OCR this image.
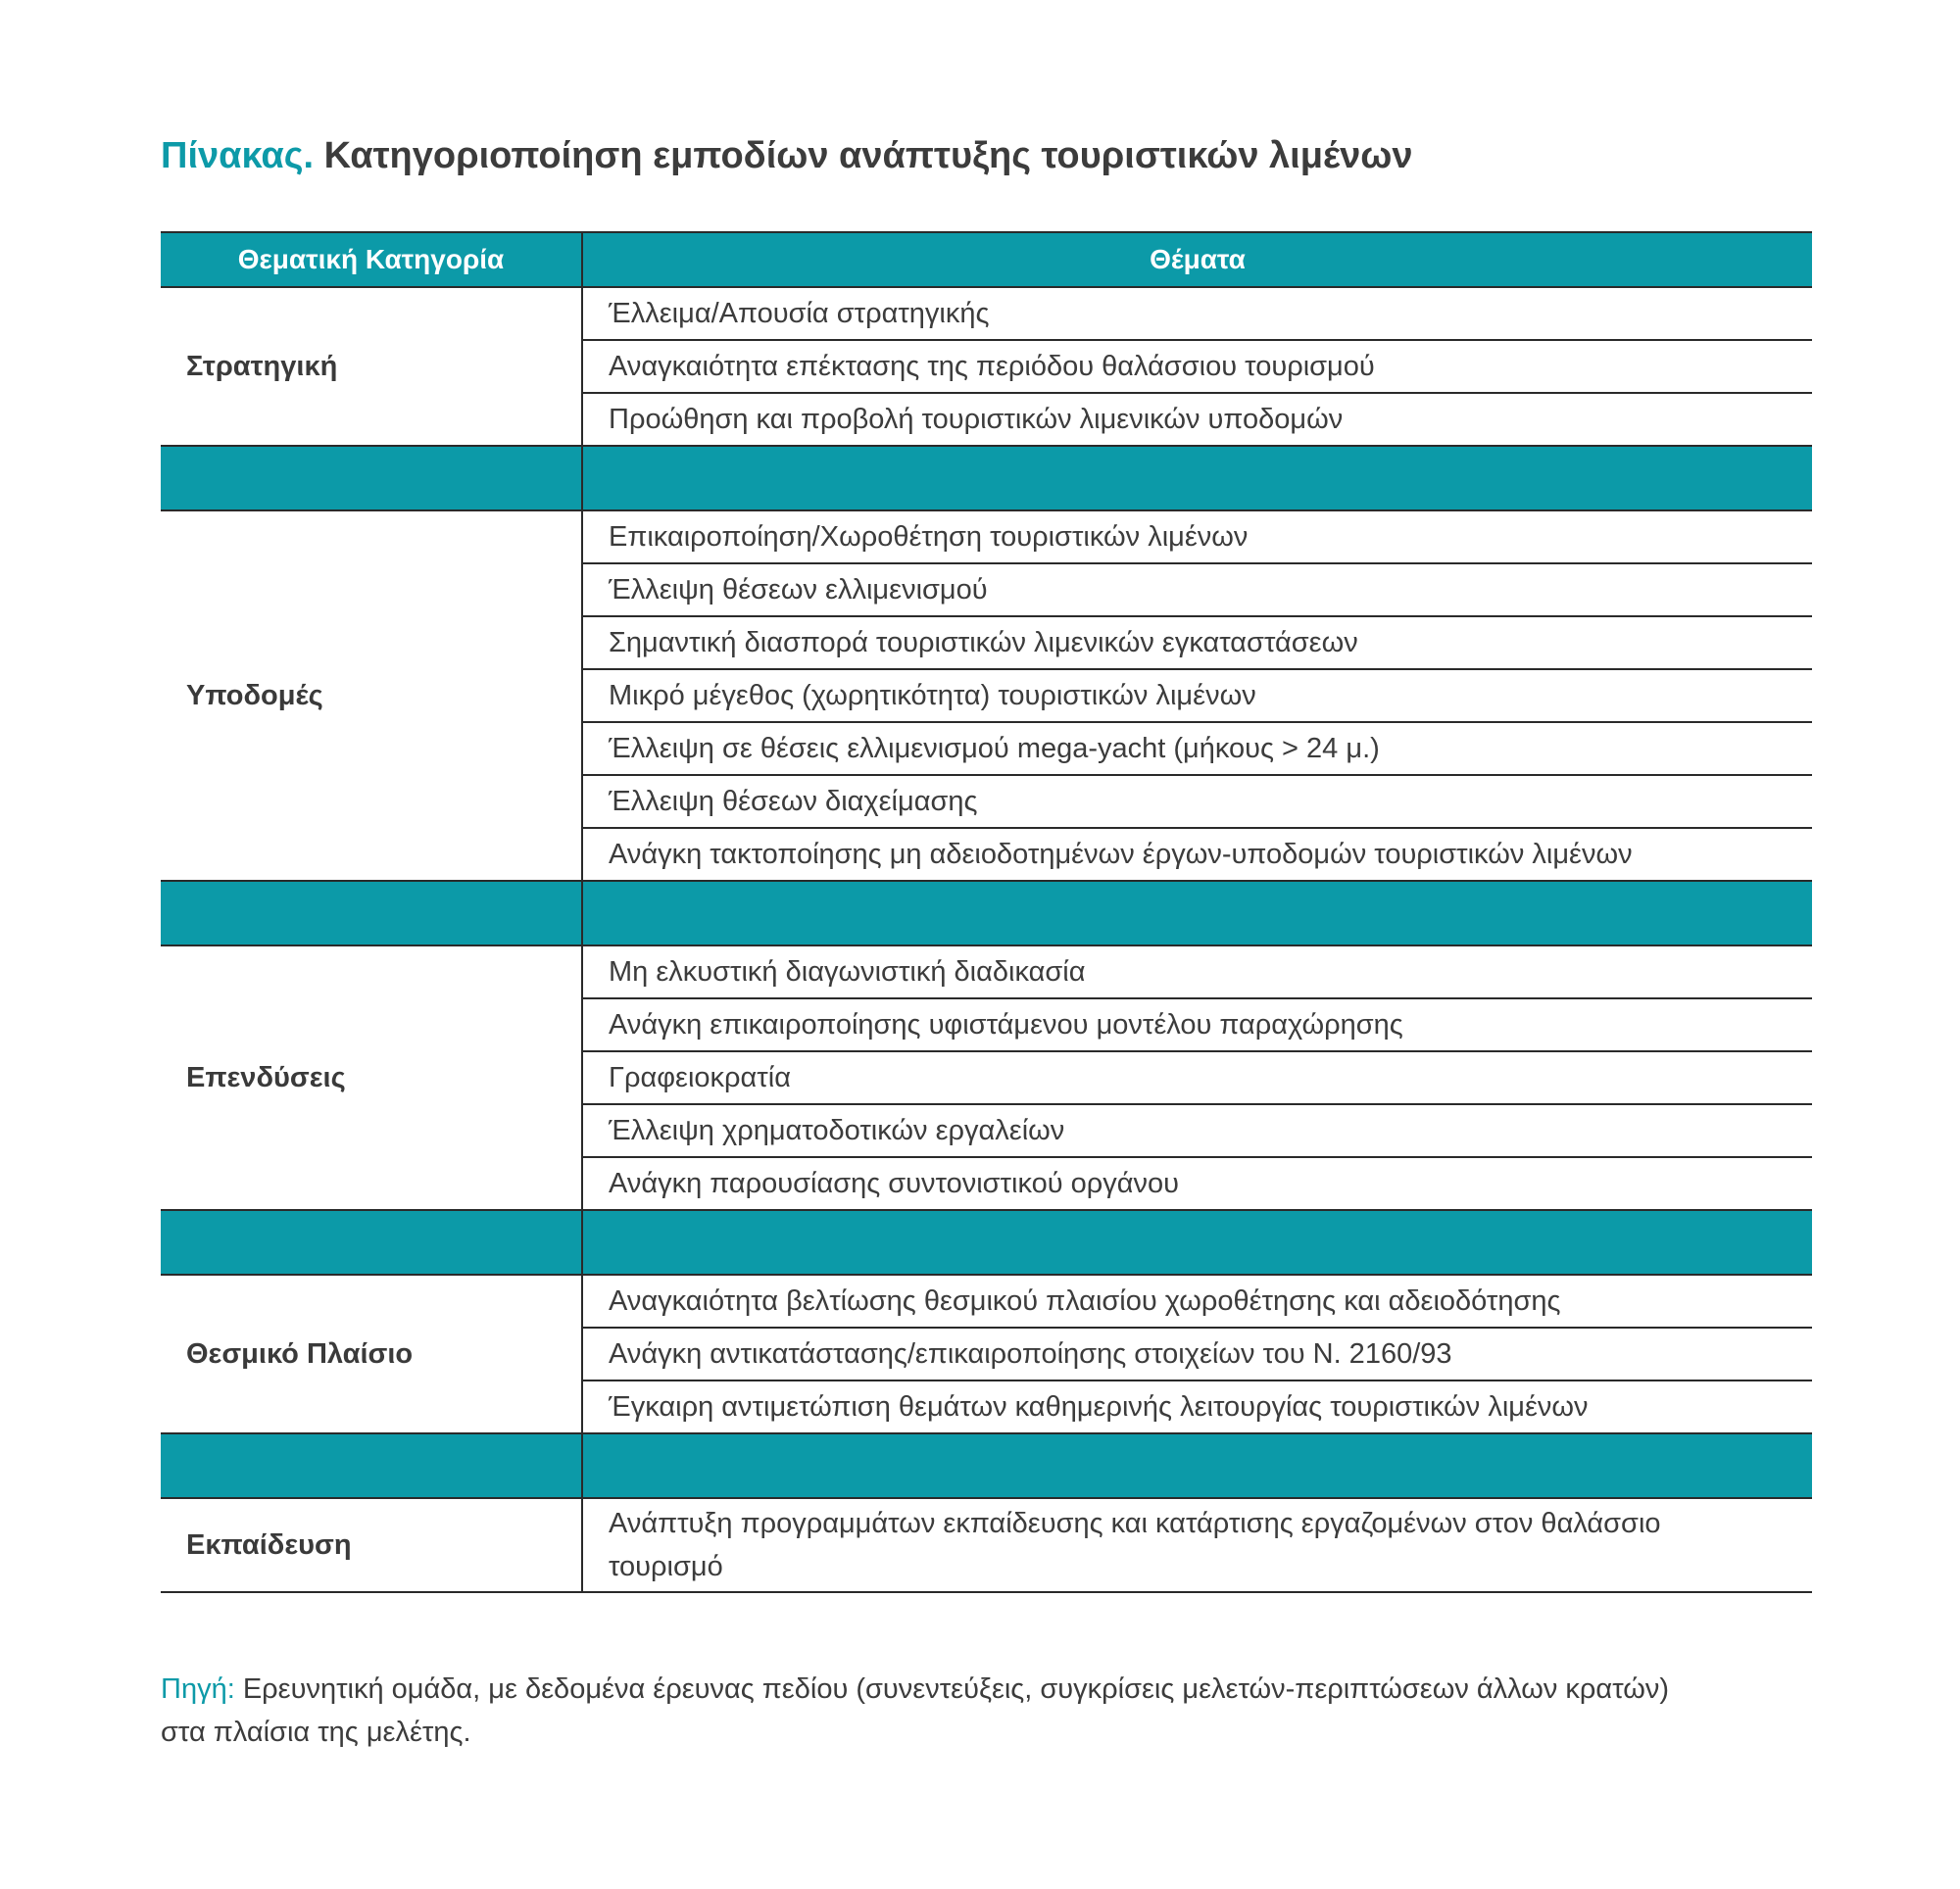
Πίνακας. Κατηγοριοποίηση εμποδίων ανάπτυξης τουριστικών λιμένων
Θεματική Κατηγορία	Θέματα
Στρατηγική	Έλλειμα/Απουσία στρατηγικής
	Αναγκαιότητα επέκτασης της περιόδου θαλάσσιου τουρισμού
	Προώθηση και προβολή τουριστικών λιμενικών υποδομών

Υποδομές	Επικαιροποίηση/Χωροθέτηση τουριστικών λιμένων
	Έλλειψη θέσεων ελλιμενισμού
	Σημαντική διασπορά τουριστικών λιμενικών εγκαταστάσεων
	Μικρό μέγεθος (χωρητικότητα) τουριστικών λιμένων
	Έλλειψη σε θέσεις ελλιμενισμού mega-yacht (μήκους > 24 μ.)
	Έλλειψη θέσεων διαχείμασης
	Ανάγκη τακτοποίησης μη αδειοδοτημένων έργων-υποδομών τουριστικών λιμένων

Επενδύσεις	Μη ελκυστική διαγωνιστική διαδικασία
	Ανάγκη επικαιροποίησης υφιστάμενου μοντέλου παραχώρησης
	Γραφειοκρατία
	Έλλειψη χρηματοδοτικών εργαλείων
	Ανάγκη παρουσίασης συντονιστικού οργάνου

Θεσμικό Πλαίσιο	Αναγκαιότητα βελτίωσης θεσμικού πλαισίου χωροθέτησης και αδειοδότησης
	Ανάγκη αντικατάστασης/επικαιροποίησης στοιχείων του Ν. 2160/93
	Έγκαιρη αντιμετώπιση θεμάτων καθημερινής λειτουργίας τουριστικών λιμένων

Εκπαίδευση	Ανάπτυξη προγραμμάτων εκπαίδευσης και κατάρτισης εργαζομένων στον θαλάσσιο τουρισμό
Πηγή: Ερευνητική ομάδα, με δεδομένα έρευνας πεδίου (συνεντεύξεις, συγκρίσεις μελετών-περιπτώσεων άλλων κρατών) στα πλαίσια της μελέτης.
